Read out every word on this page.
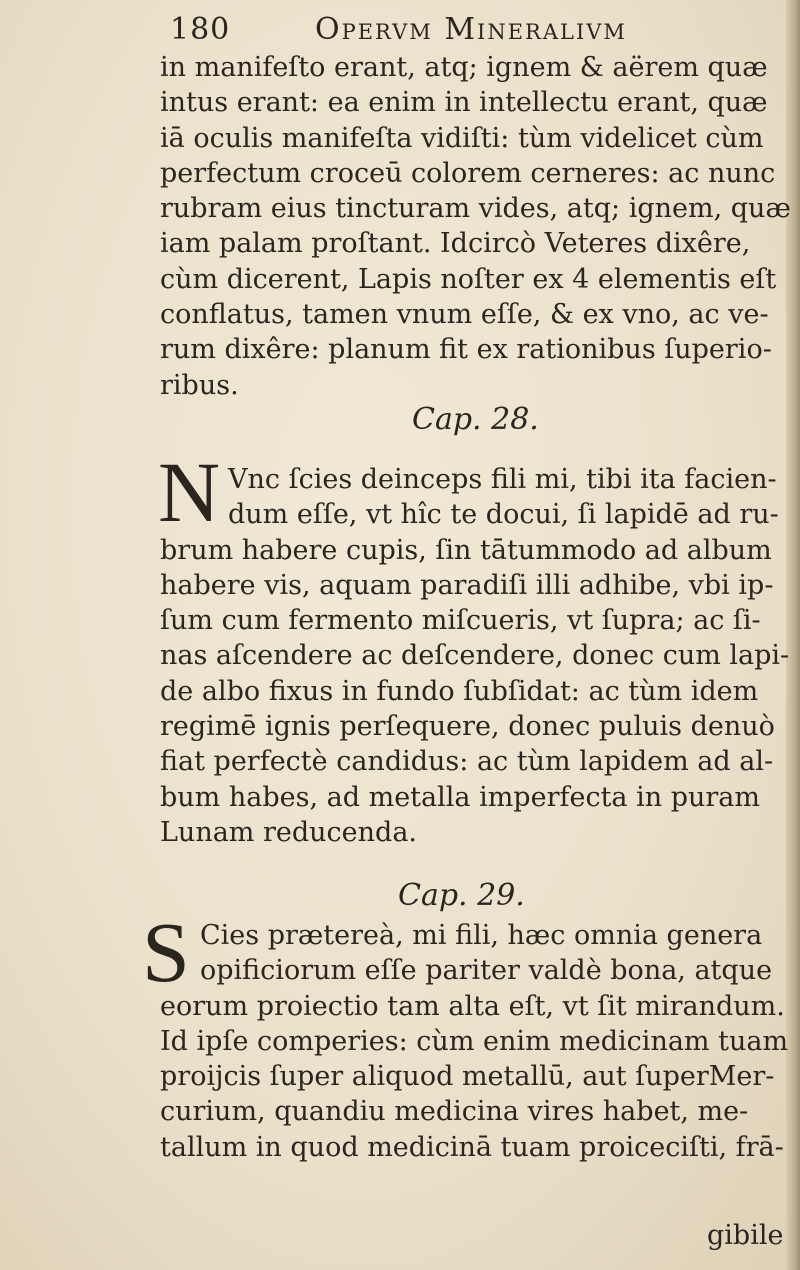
180	Opervm Mineralivm
in manifeſto erant, atq; ignem & aërem quæ
intus erant: ea enim in intellectu erant, quæ
iā oculis manifeſta vidiſti: tùm videlicet cùm
perfectum croceū colorem cerneres: ac nunc
rubram eius tincturam vides, atq; ignem, quæ
iam palam proſtant. Idcircò Veteres dixêre,
cùm dicerent, Lapis noſter ex 4 elementis eſt
conflatus, tamen vnum eſſe, & ex vno, ac ve-
rum dixêre: planum fit ex rationibus ſuperio-
ribus.
Cap. 28.
N Vnc ſcies deinceps fili mi, tibi ita facien-
dum eſſe, vt hîc te docui, ſi lapidē ad ru-
brum habere cupis, ſin tātummodo ad album
habere vis, aquam paradiſi illi adhibe, vbi ip-
ſum cum fermento miſcueris, vt ſupra; ac ſi-
nas aſcendere ac deſcendere, donec cum lapi-
de albo fixus in fundo ſubſidat: ac tùm idem
regimē ignis perſequere, donec puluis denuò
fiat perfectè candidus: ac tùm lapidem ad al-
bum habes, ad metalla imperfecta in puram
Lunam reducenda.
Cap. 29.
S Cies prætereà, mi fili, hæc omnia genera
opificiorum eſſe pariter valdè bona, atque
eorum proiectio tam alta eſt, vt ſit mirandum.
Id ipſe comperies: cùm enim medicinam tuam
proijcis ſuper aliquod metallū, aut ſuperMer-
curium, quandiu medicina vires habet, me-
tallum in quod medicinā tuam proiceciſti, frā-
gibile
